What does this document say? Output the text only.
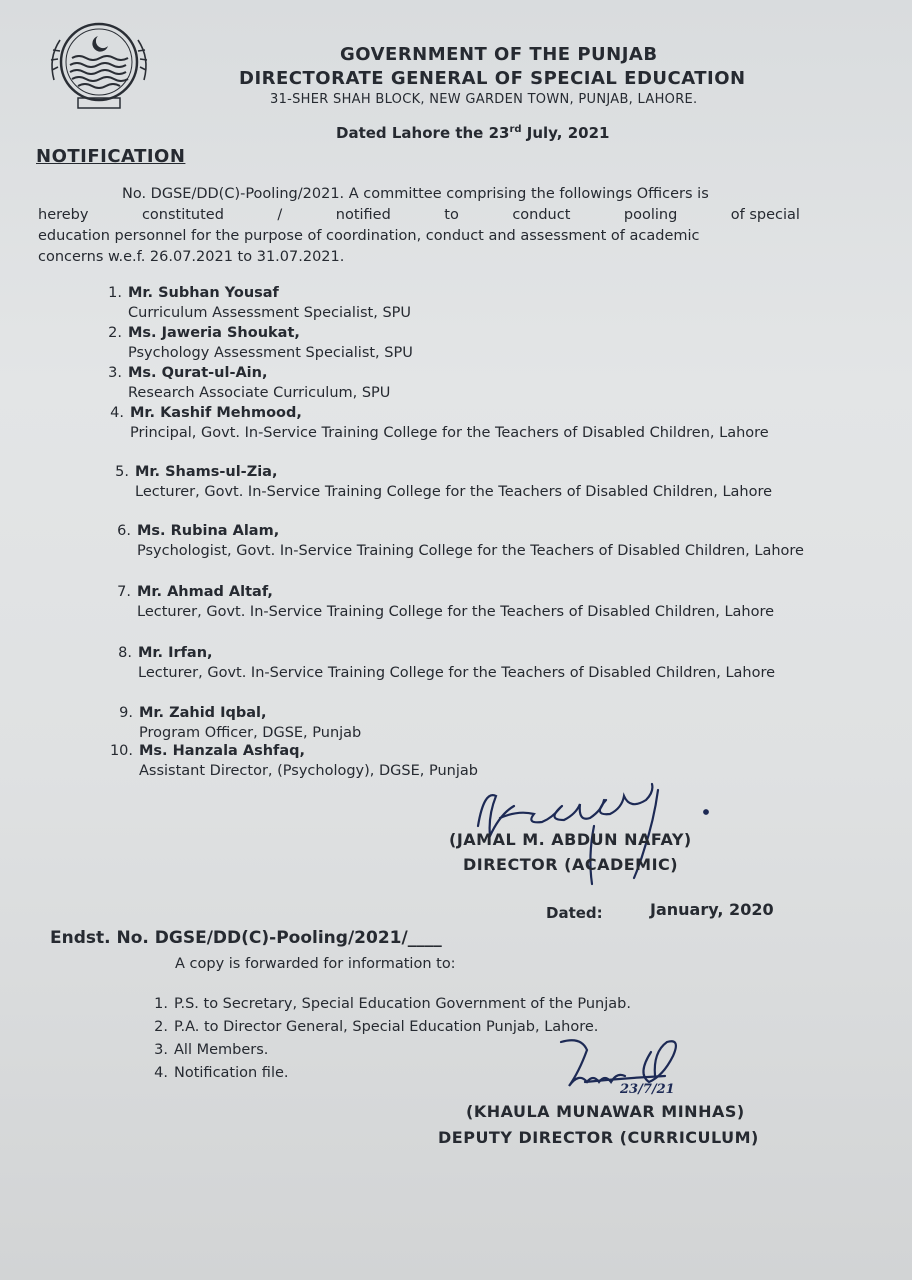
GOVERNMENT OF THE PUNJAB
DIRECTORATE GENERAL OF SPECIAL EDUCATION
31-SHER SHAH BLOCK, NEW GARDEN TOWN, PUNJAB, LAHORE.
Dated Lahore the 23rd July, 2021
NOTIFICATION
No. DGSE/DD(C)-Pooling/2021. A committee comprising the followings Officers is
hereby	constituted	/	notified	to	conduct	pooling	of special
education personnel for the purpose of coordination, conduct and assessment of academic
concerns w.e.f. 26.07.2021 to 31.07.2021.
1. Mr. Subhan Yousaf
Curriculum Assessment Specialist, SPU
2. Ms. Jaweria Shoukat,
Psychology Assessment Specialist, SPU
3. Ms. Qurat-ul-Ain,
Research Associate Curriculum, SPU
4. Mr. Kashif Mehmood,
Principal, Govt. In-Service Training College for the Teachers of Disabled Children, Lahore
5. Mr. Shams-ul-Zia,
Lecturer, Govt. In-Service Training College for the Teachers of Disabled Children, Lahore
6. Ms. Rubina Alam,
Psychologist, Govt. In-Service Training College for the Teachers of Disabled Children, Lahore
7. Mr. Ahmad Altaf,
Lecturer, Govt. In-Service Training College for the Teachers of Disabled Children, Lahore
8. Mr. Irfan,
Lecturer, Govt. In-Service Training College for the Teachers of Disabled Children, Lahore
9. Mr. Zahid Iqbal,
Program Officer, DGSE, Punjab
10. Ms. Hanzala Ashfaq,
Assistant Director, (Psychology), DGSE, Punjab
(JAMAL M. ABDUN NAFAY)
DIRECTOR (ACADEMIC)
Endst. No. DGSE/DD(C)-Pooling/2021/____
Dated:	January, 2020
A copy is forwarded for information to:
1. P.S. to Secretary, Special Education Government of the Punjab.
2. P.A. to Director General, Special Education Punjab, Lahore.
3. All Members.
4. Notification file.
23/7/21
(KHAULA MUNAWAR MINHAS)
DEPUTY DIRECTOR (CURRICULUM)
